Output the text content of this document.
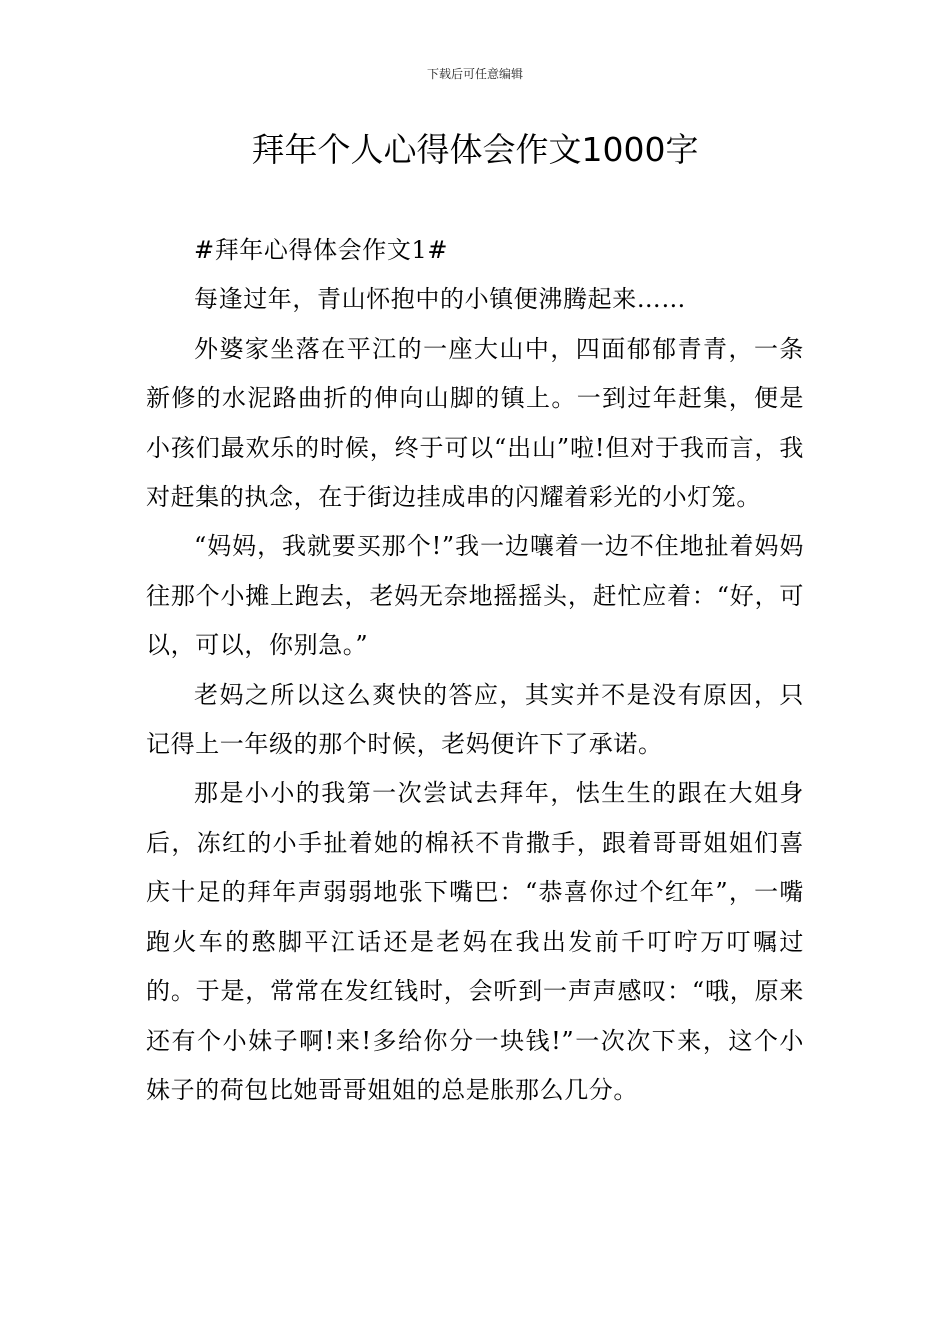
下载后可任意编辑
拜年个人心得体会作文1000字

#拜年心得体会作文1#

每逢过年，青山怀抱中的小镇便沸腾起来……

外婆家坐落在平江的一座大山中，四面郁郁青青，一条新修的水泥路曲折的伸向山脚的镇上。一到过年赶集，便是小孩们最欢乐的时候，终于可以“出山”啦!但对于我而言，我对赶集的执念，在于街边挂成串的闪耀着彩光的小灯笼。

“妈妈，我就要买那个!”我一边嚷着一边不住地扯着妈妈往那个小摊上跑去，老妈无奈地摇摇头，赶忙应着：“好，可以，可以，你别急。”

老妈之所以这么爽快的答应，其实并不是没有原因，只记得上一年级的那个时候，老妈便许下了承诺。

那是小小的我第一次尝试去拜年，怯生生的跟在大姐身后，冻红的小手扯着她的棉袄不肯撒手，跟着哥哥姐姐们喜庆十足的拜年声弱弱地张下嘴巴：“恭喜你过个红年”，一嘴跑火车的憨脚平江话还是老妈在我出发前千叮咛万叮嘱过的。于是，常常在发红钱时，会听到一声声感叹：“哦，原来还有个小妹子啊!来!多给你分一块钱!”一次次下来，这个小妹子的荷包比她哥哥姐姐的总是胀那么几分。
